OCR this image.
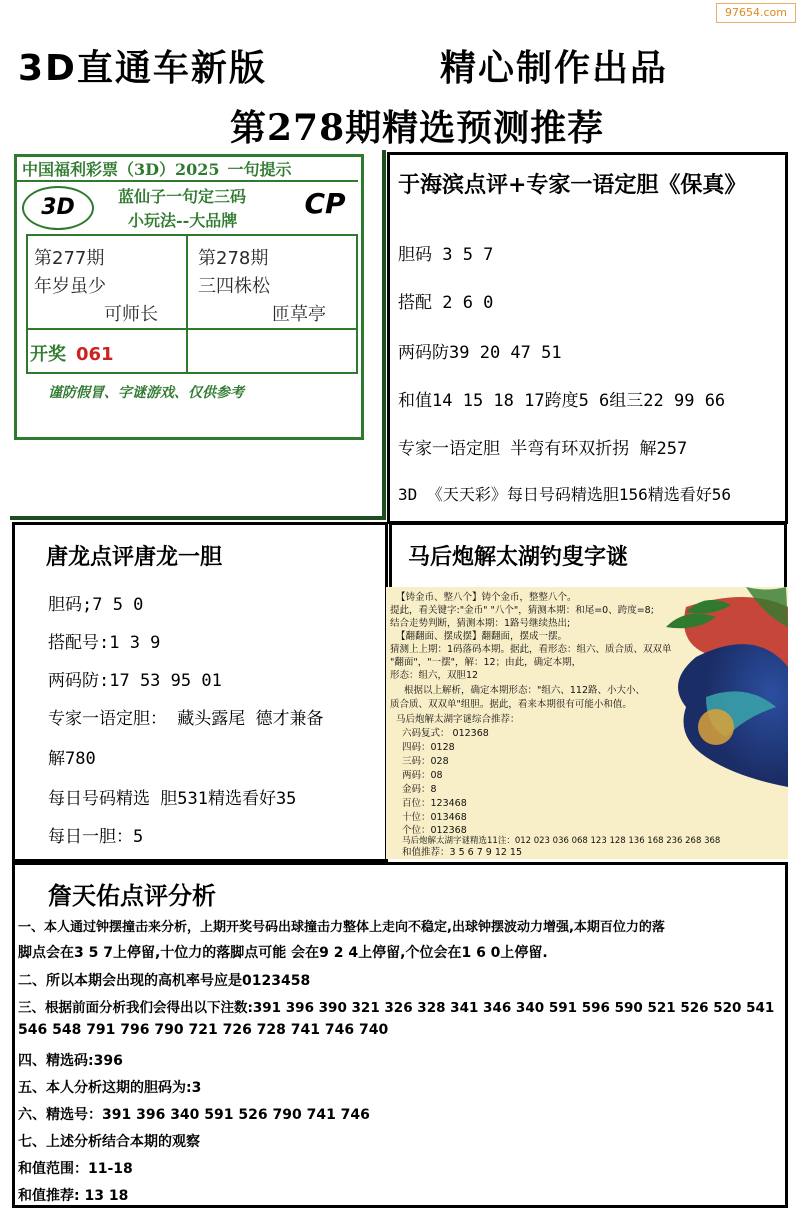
97654.com
3D直通车新版	精心制作出品
第278期精选预测推荐
中国福利彩票（3D）2025 一句提示
3D	CP
蓝仙子一句定三码
小玩法--大品牌
第277期
年岁虽少
可师长
第278期
三四株松
匝草亭
开奖 061
谨防假冒、字谜游戏、仅供参考
于海滨点评+专家一语定胆《保真》
胆码 3 5 7
搭配 2 6 0
两码防39 20 47 51
和值14 15 18 17跨度5 6组三22 99 66
专家一语定胆 半弯有环双折拐 解257
3D 《天天彩》每日号码精选胆156精选看好56
唐龙点评唐龙一胆
胆码;7 5 0
搭配号:1 3 9
两码防:17 53 95 01
专家一语定胆： 藏头露尾 德才兼备
解780
每日号码精选 胆531精选看好35
每日一胆：5
马后炮解太湖钓叟字谜
【铸金币、整八个】铸个金币，整整八个。
提此，看关键字:"金币" "八个"，猜测本期：和尾=0、跨度=8;
结合走势判断，猜测本期：1路号继续热出;
【翻翻面、摆成摆】翻翻面，摆成一摆。
猜测上上期：1码落码本期。据此，看形态：组六、质合质、双双单
"翻面"，"一摆"，解：12；由此，确定本期，
形态：组六，双胆12
根据以上解析，确定本期形态："组六、112路、小大小、
质合质、双双单"组胆。据此，看来本期很有可能小和值。
马后炮解太湖字谜综合推荐：
六码复式： 012368
四码：0128
三码：028
两码：08
金码：8
百位：123468
十位：013468
个位：012368
马后炮解太湖字谜精选11注：012 023 036 068 123 128 136 168 236 268 368
和值推荐：3 5 6 7 9 12 15
詹天佑点评分析
一、本人通过钟摆撞击来分析，上期开奖号码出球撞击力整体上走向不稳定,出球钟摆波动力增强,本期百位力的落
脚点会在3 5 7上停留,十位力的落脚点可能 会在9 2 4上停留,个位会在1 6 0上停留.
二、所以本期会出现的高机率号应是0123458
三、根据前面分析我们会得出以下注数:391 396 390 321 326 328 341 346 340 591 596 590 521 526 520 541
546 548 791 796 790 721 726 728 741 746 740
四、精选码:396
五、本人分析这期的胆码为:3
六、精选号：391 396 340 591 526 790 741 746
七、上述分析结合本期的观察
和值范围：11-18
和值推荐: 13 18
